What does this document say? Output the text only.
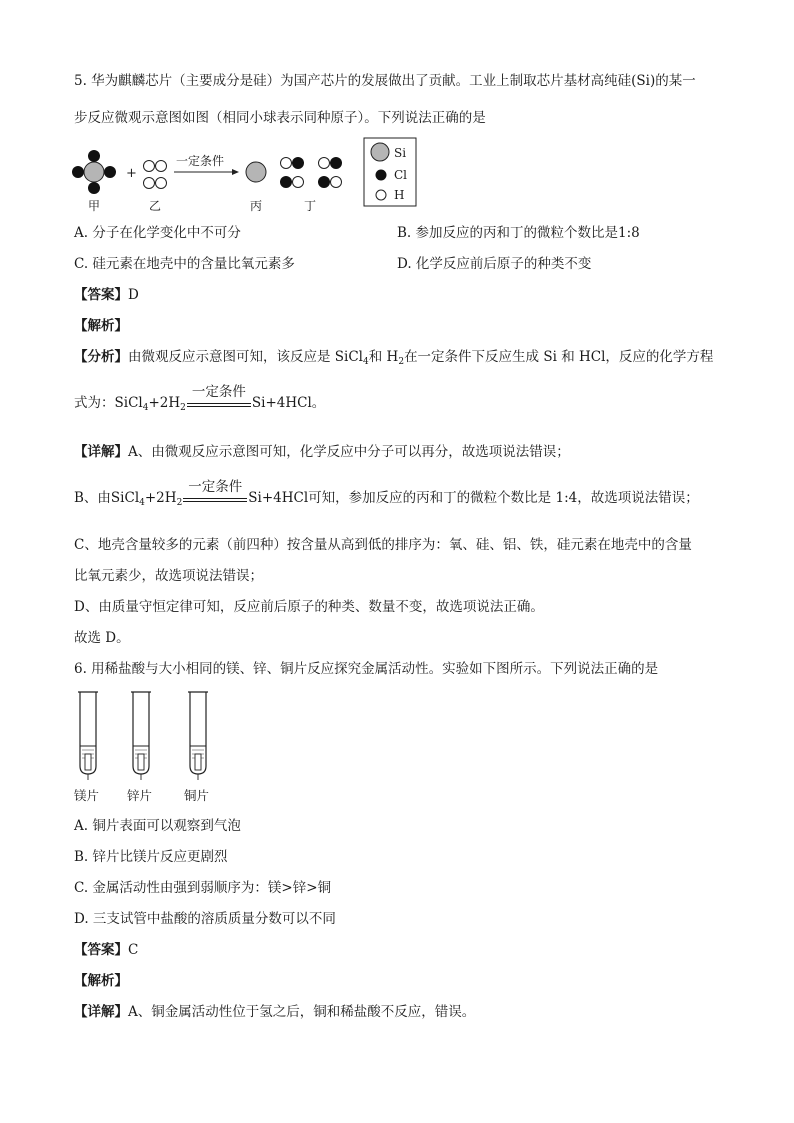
5. 华为麒麟芯片（主要成分是硅）为国产芯片的发展做出了贡献。工业上制取芯片基材高纯硅(Si)的某一
步反应微观示意图如图（相同小球表示同种原子）。下列说法正确的是
+
一定条件
甲	乙	丙	丁
Si
Cl
H
A. 分子在化学变化中不可分	B. 参加反应的丙和丁的微粒个数比是1:8
C. 硅元素在地壳中的含量比氧元素多	D. 化学反应前后原子的种类不变
【答案】D
【解析】
【分析】由微观反应示意图可知，该反应是 SiCl$_4$和 $H_2$在一定条件下反应生成 Si 和 HCl，反应的化学方程
式为：$SiCl_4+2H_2$
一定条件
Si+4HCl。
【详解】A、由微观反应示意图可知，化学反应中分子可以再分，故选项说法错误；
B、由$SiCl_4+2H_2$
一定条件
Si+4HCl可知，参加反应的丙和丁的微粒个数比是 1:4，故选项说法错误；
C、地壳含量较多的元素（前四种）按含量从高到低的排序为：氧、硅、铝、铁，硅元素在地壳中的含量
比氧元素少，故选项说法错误；
D、由质量守恒定律可知，反应前后原子的种类、数量不变，故选项说法正确。
故选 D。
6. 用稀盐酸与大小相同的镁、锌、铜片反应探究金属活动性。实验如下图所示。下列说法正确的是
镁片 锌片	铜片
A. 铜片表面可以观察到气泡
B. 锌片比镁片反应更剧烈
C. 金属活动性由强到弱顺序为：镁>锌>铜
D. 三支试管中盐酸的溶质质量分数可以不同
【答案】C
【解析】
【详解】A、铜金属活动性位于氢之后，铜和稀盐酸不反应，错误。
